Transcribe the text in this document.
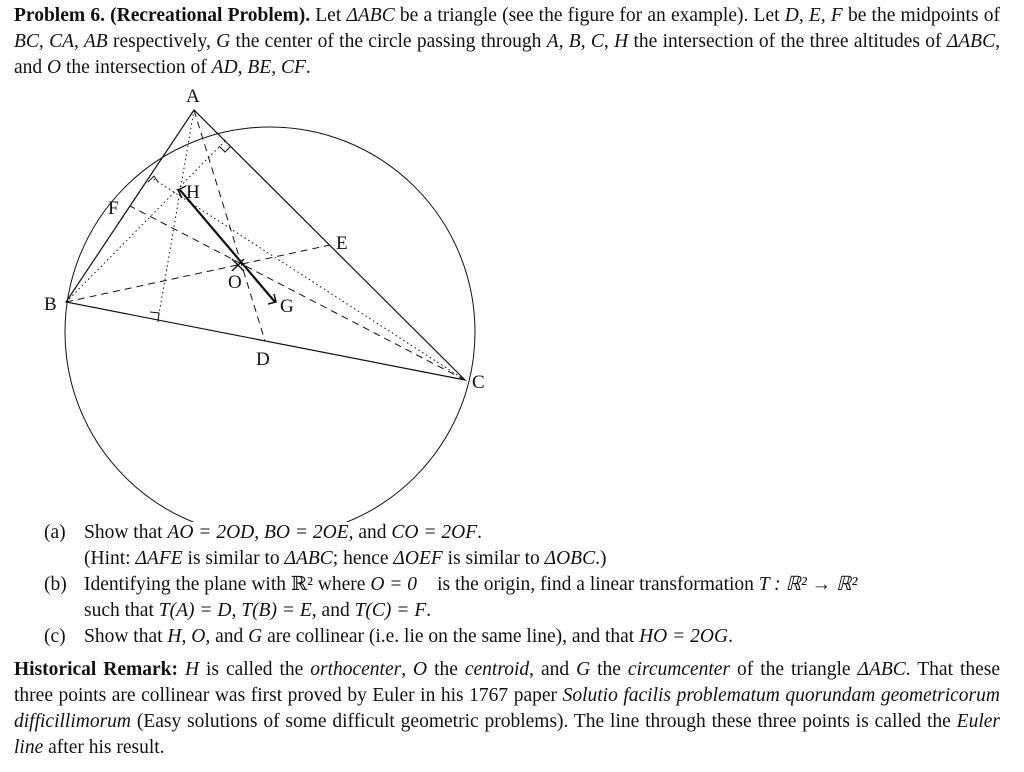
Problem 6. (Recreational Problem). Let ΔABC be a triangle (see the figure for an example). Let D, E, F be the midpoints of BC, CA, AB respectively, G the center of the circle passing through A, B, C, H the intersection of the three altitudes of ΔABC, and O the intersection of AD, BE, CF.
A
B
C
D
E
F
G
H
O
(a) Show that AO = 2OD, BO = 2OE, and CO = 2OF.
(Hint: ΔAFE is similar to ΔABC; hence ΔOEF is similar to ΔOBC.)
(b) Identifying the plane with ℝ² where O = 0⃗ is the origin, find a linear transformation T : ℝ² → ℝ²
such that T(A) = D, T(B) = E, and T(C) = F.
(c) Show that H, O, and G are collinear (i.e. lie on the same line), and that HO = 2OG.
Historical Remark: H is called the orthocenter, O the centroid, and G the circumcenter of the triangle ΔABC. That these three points are collinear was first proved by Euler in his 1767 paper Solutio facilis problematum quorundam geometricorum difficillimorum (Easy solutions of some difficult geometric problems). The line through these three points is called the Euler line after his result.
